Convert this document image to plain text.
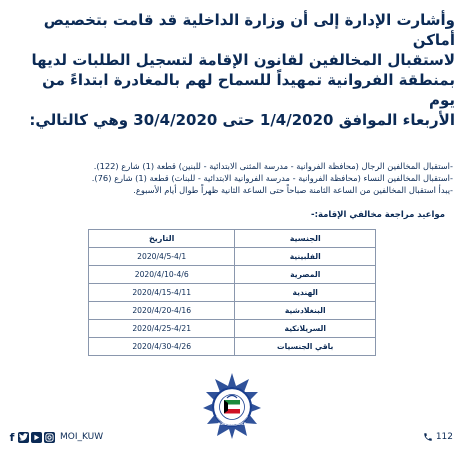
وأشارت الإدارة إلى أن وزارة الداخلية قد قامت بتخصيص أماكن
لاستقبال المخالفين لقانون الإقامة لتسجيل الطلبات لديها
بمنطقة الفروانية تمهيداً للسماح لهم بالمغادرة ابتداءً من يوم
الأربعاء الموافق 1/4/2020 حتى 30/4/2020 وهي كالتالي:
-استقبال المخالفين الرجال (محافظة الفروانية - مدرسة المثنى الابتدائية - للبنين) قطعة (1) شارع (122).
-استقبال المخالفين النساء (محافظة الفروانية - مدرسة الفروانية الابتدائية - للبنات) قطعة (1) شارع (76).
-يبدأ استقبال المخالفين من الساعة الثامنة صباحاً حتى الساعة الثانية ظهراً طوال أيام الأسبوع.
مواعيد مراجعة مخالفي الإقامة:-
الجنسية	التاريخ
الفلبينية	2020/4/5-4/1
المصرية	2020/4/10-4/6
الهندية	2020/4/15-4/11
البنغلادشية	2020/4/20-4/16
السريلانكية	2020/4/25-4/21
باقي الجنسيات	2020/4/30-4/26
KUWAIT POLICE
f	MOI_KUW	112
